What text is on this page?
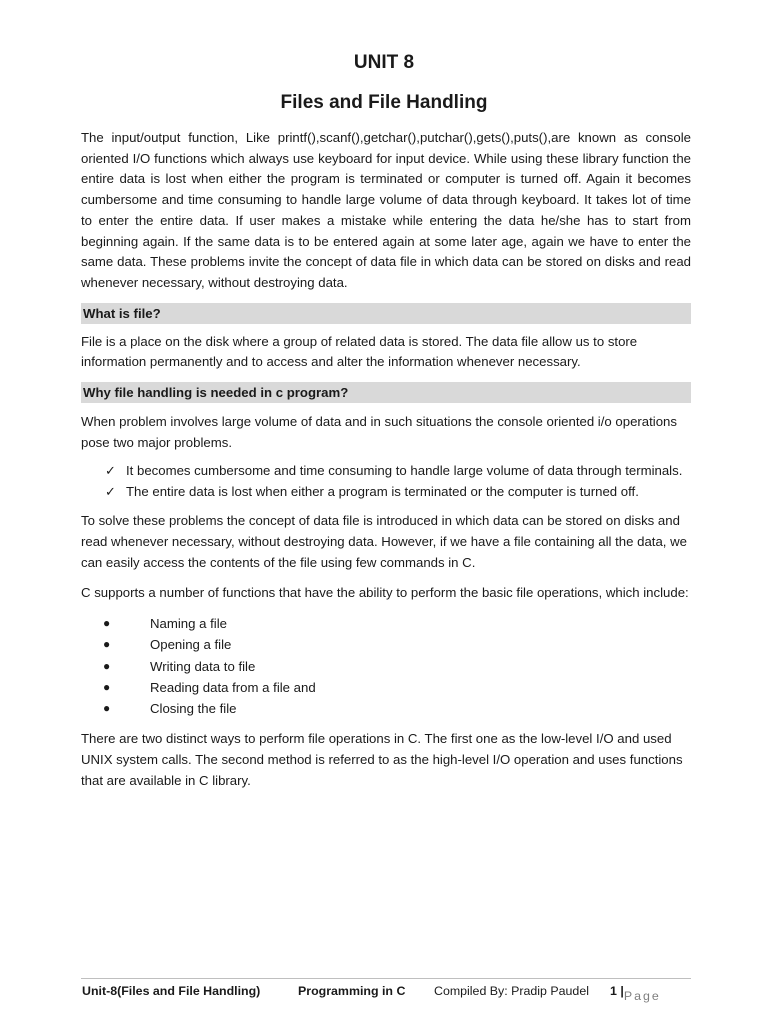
UNIT 8
Files and File Handling

The input/output function, Like printf(),scanf(),getchar(),putchar(),gets(),puts(),are known as console oriented I/O functions which always use keyboard for input device. While using these library function the entire data is lost when either the program is terminated or computer is turned off. Again it becomes cumbersome and time consuming to handle large volume of data through keyboard. It takes lot of time to enter the entire data. If user makes a mistake while entering the data he/she has to start from beginning again. If the same data is to be entered again at some later age, again we have to enter the same data. These problems invite the concept of data file in which data can be stored on disks and read whenever necessary, without destroying data.

What is file?

File is a place on the disk where a group of related data is stored. The data file allow us to store information permanently and to access and alter the information whenever necessary.

Why file handling is needed in c program?

When problem involves large volume of data and in such situations the console oriented i/o operations pose two major problems.

✓ It becomes cumbersome and time consuming to handle large volume of data through terminals.
✓ The entire data is lost when either a program is terminated or the computer is turned off.

To solve these problems the concept of data file is introduced in which data can be stored on disks and read whenever necessary, without destroying data. However, if we have a file containing all the data, we can easily access the contents of the file using few commands in C.

C supports a number of functions that have the ability to perform the basic file operations, which include:

●	Naming a file
●	Opening a file
●	Writing data to file
●	Reading data from a file and
●	Closing the file

There are two distinct ways to perform file operations in C. The first one as the low-level I/O and used UNIX system calls. The second method is referred to as the high-level I/O operation and uses functions that are available in C library.

Unit-8(Files and File Handling)	Programming in C Compiled By: Pradip Paudel 1 | Page
